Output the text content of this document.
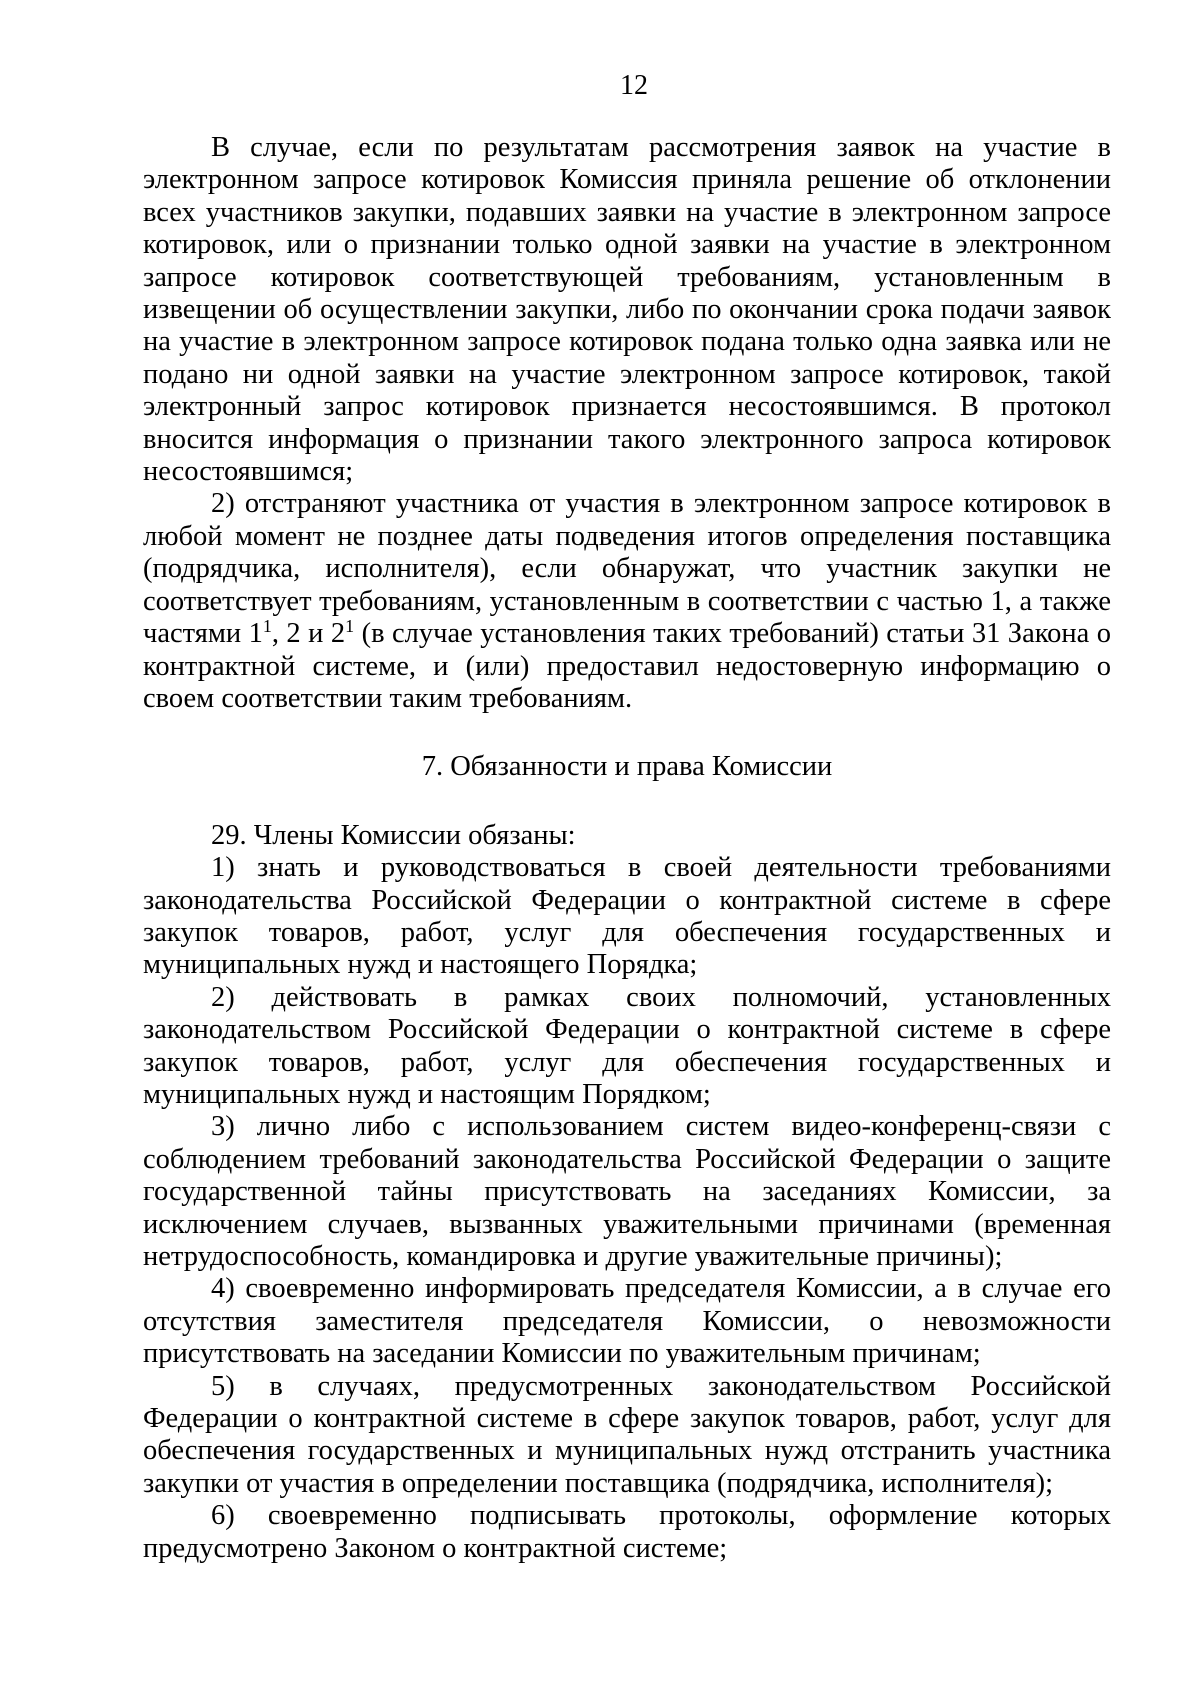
12

В случае, если по результатам рассмотрения заявок на участие в электронном запросе котировок Комиссия приняла решение об отклонении всех участников закупки, подавших заявки на участие в электронном запросе котировок, или о признании только одной заявки на участие в электронном запросе котировок соответствующей требованиям, установленным в извещении об осуществлении закупки, либо по окончании срока подачи заявок на участие в электронном запросе котировок подана только одна заявка или не подано ни одной заявки на участие электронном запросе котировок, такой электронный запрос котировок признается несостоявшимся. В протокол вносится информация о признании такого электронного запроса котировок несостоявшимся;

2) отстраняют участника от участия в электронном запросе котировок в любой момент не позднее даты подведения итогов определения поставщика (подрядчика, исполнителя), если обнаружат, что участник закупки не соответствует требованиям, установленным в соответствии с частью 1, а также частями $1^1$, 2 и $2^1$ (в случае установления таких требований) статьи 31 Закона о контрактной системе, и (или) предоставил недостоверную информацию о своем соответствии таким требованиям.

7. Обязанности и права Комиссии

29. Члены Комиссии обязаны:

1) знать и руководствоваться в своей деятельности требованиями законодательства Российской Федерации о контрактной системе в сфере закупок товаров, работ, услуг для обеспечения государственных и муниципальных нужд и настоящего Порядка;

2) действовать в рамках своих полномочий, установленных законодательством Российской Федерации о контрактной системе в сфере закупок товаров, работ, услуг для обеспечения государственных и муниципальных нужд и настоящим Порядком;

3) лично либо с использованием систем видео-конференц-связи с соблюдением требований законодательства Российской Федерации о защите государственной тайны присутствовать на заседаниях Комиссии, за исключением случаев, вызванных уважительными причинами (временная нетрудоспособность, командировка и другие уважительные причины);

4) своевременно информировать председателя Комиссии, а в случае его отсутствия заместителя председателя Комиссии, о невозможности присутствовать на заседании Комиссии по уважительным причинам;

5) в случаях, предусмотренных законодательством Российской Федерации о контрактной системе в сфере закупок товаров, работ, услуг для обеспечения государственных и муниципальных нужд отстранить участника закупки от участия в определении поставщика (подрядчика, исполнителя);

6) своевременно подписывать протоколы, оформление которых предусмотрено Законом о контрактной системе;
